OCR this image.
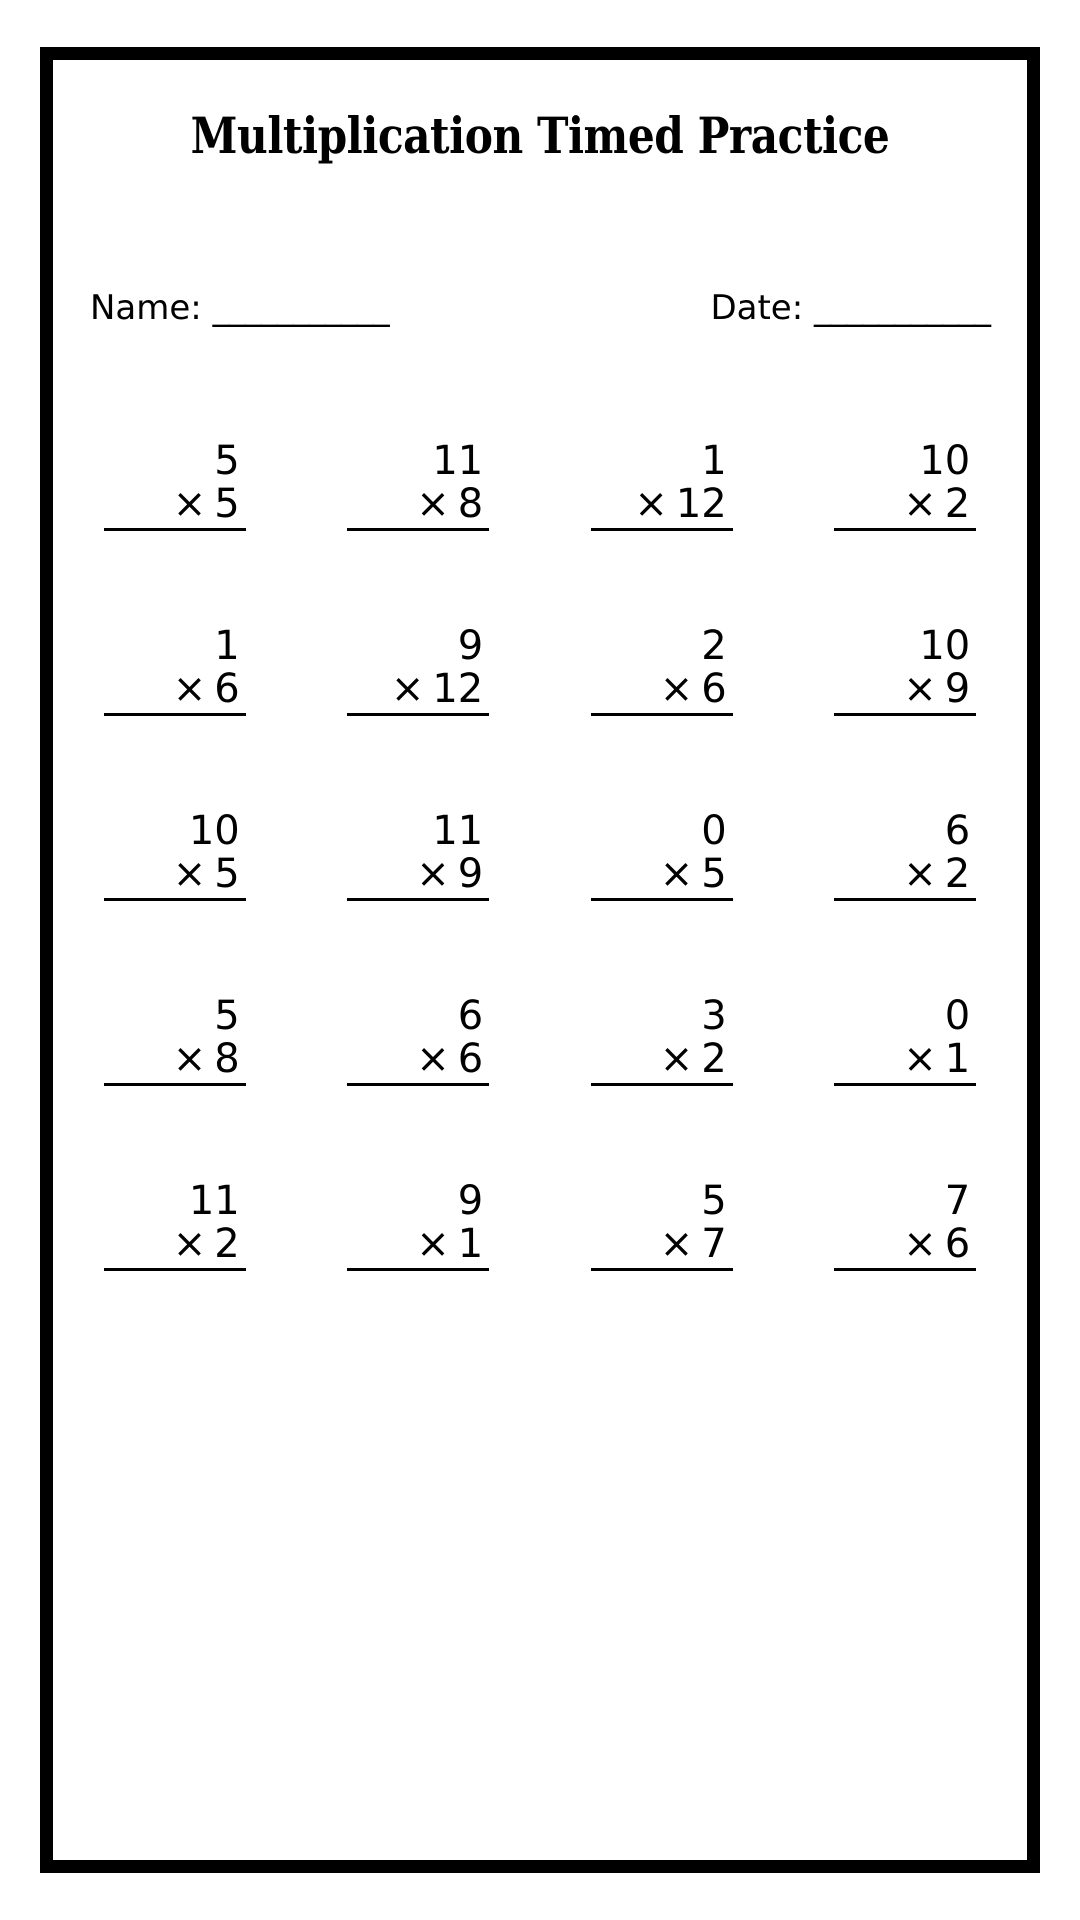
Multiplication Timed Practice
Name: ___________	Date: ___________
5
× 5
11
× 8
1
× 12
10
× 2
1
× 6
9
× 12
2
× 6
10
× 9
10
× 5
11
× 9
0
× 5
6
× 2
5
× 8
6
× 6
3
× 2
0
× 1
11
× 2
9
× 1
5
× 7
7
× 6
